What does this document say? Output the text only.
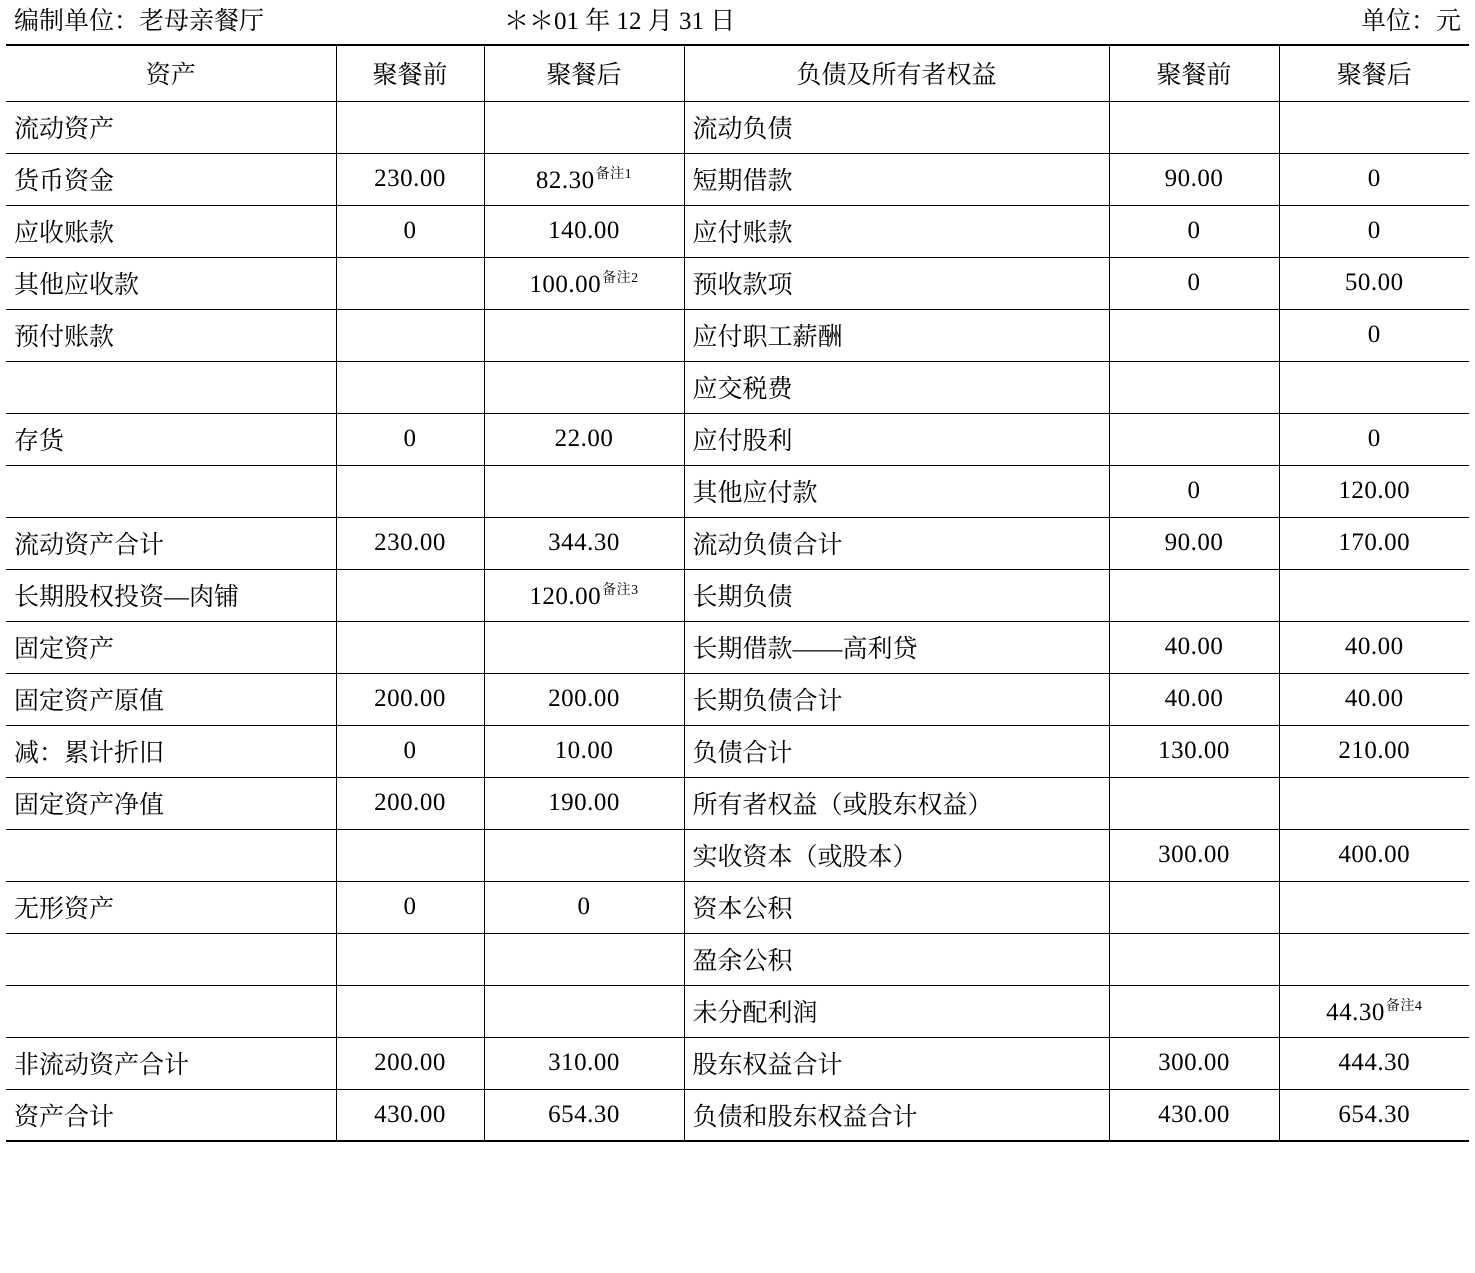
编制单位：老母亲餐厅	＊＊01 年 12 月 31 日	单位：元
资产	聚餐前	聚餐后	负债及所有者权益	聚餐前	聚餐后
流动资产			流动负债		
货币资金	230.00	82.30$^{备注1}$	短期借款	90.00	0
应收账款	0	140.00	应付账款	0	0
其他应收款		100.00$^{备注2}$	预收款项	0	50.00
预付账款			应付职工薪酬		0
			应交税费		
存货	0	22.00	应付股利		0
			其他应付款	0	120.00
流动资产合计	230.00	344.30	流动负债合计	90.00	170.00
长期股权投资—肉铺		120.00$^{备注3}$	长期负债		
固定资产			长期借款——高利贷	40.00	40.00
固定资产原值	200.00	200.00	长期负债合计	40.00	40.00
减：累计折旧	0	10.00	负债合计	130.00	210.00
固定资产净值	200.00	190.00	所有者权益（或股东权益）		
			实收资本（或股本）	300.00	400.00
无形资产	0	0	资本公积		
			盈余公积		
			未分配利润		44.30$^{备注4}$
非流动资产合计	200.00	310.00	股东权益合计	300.00	444.30
资产合计	430.00	654.30	负债和股东权益合计	430.00	654.30
